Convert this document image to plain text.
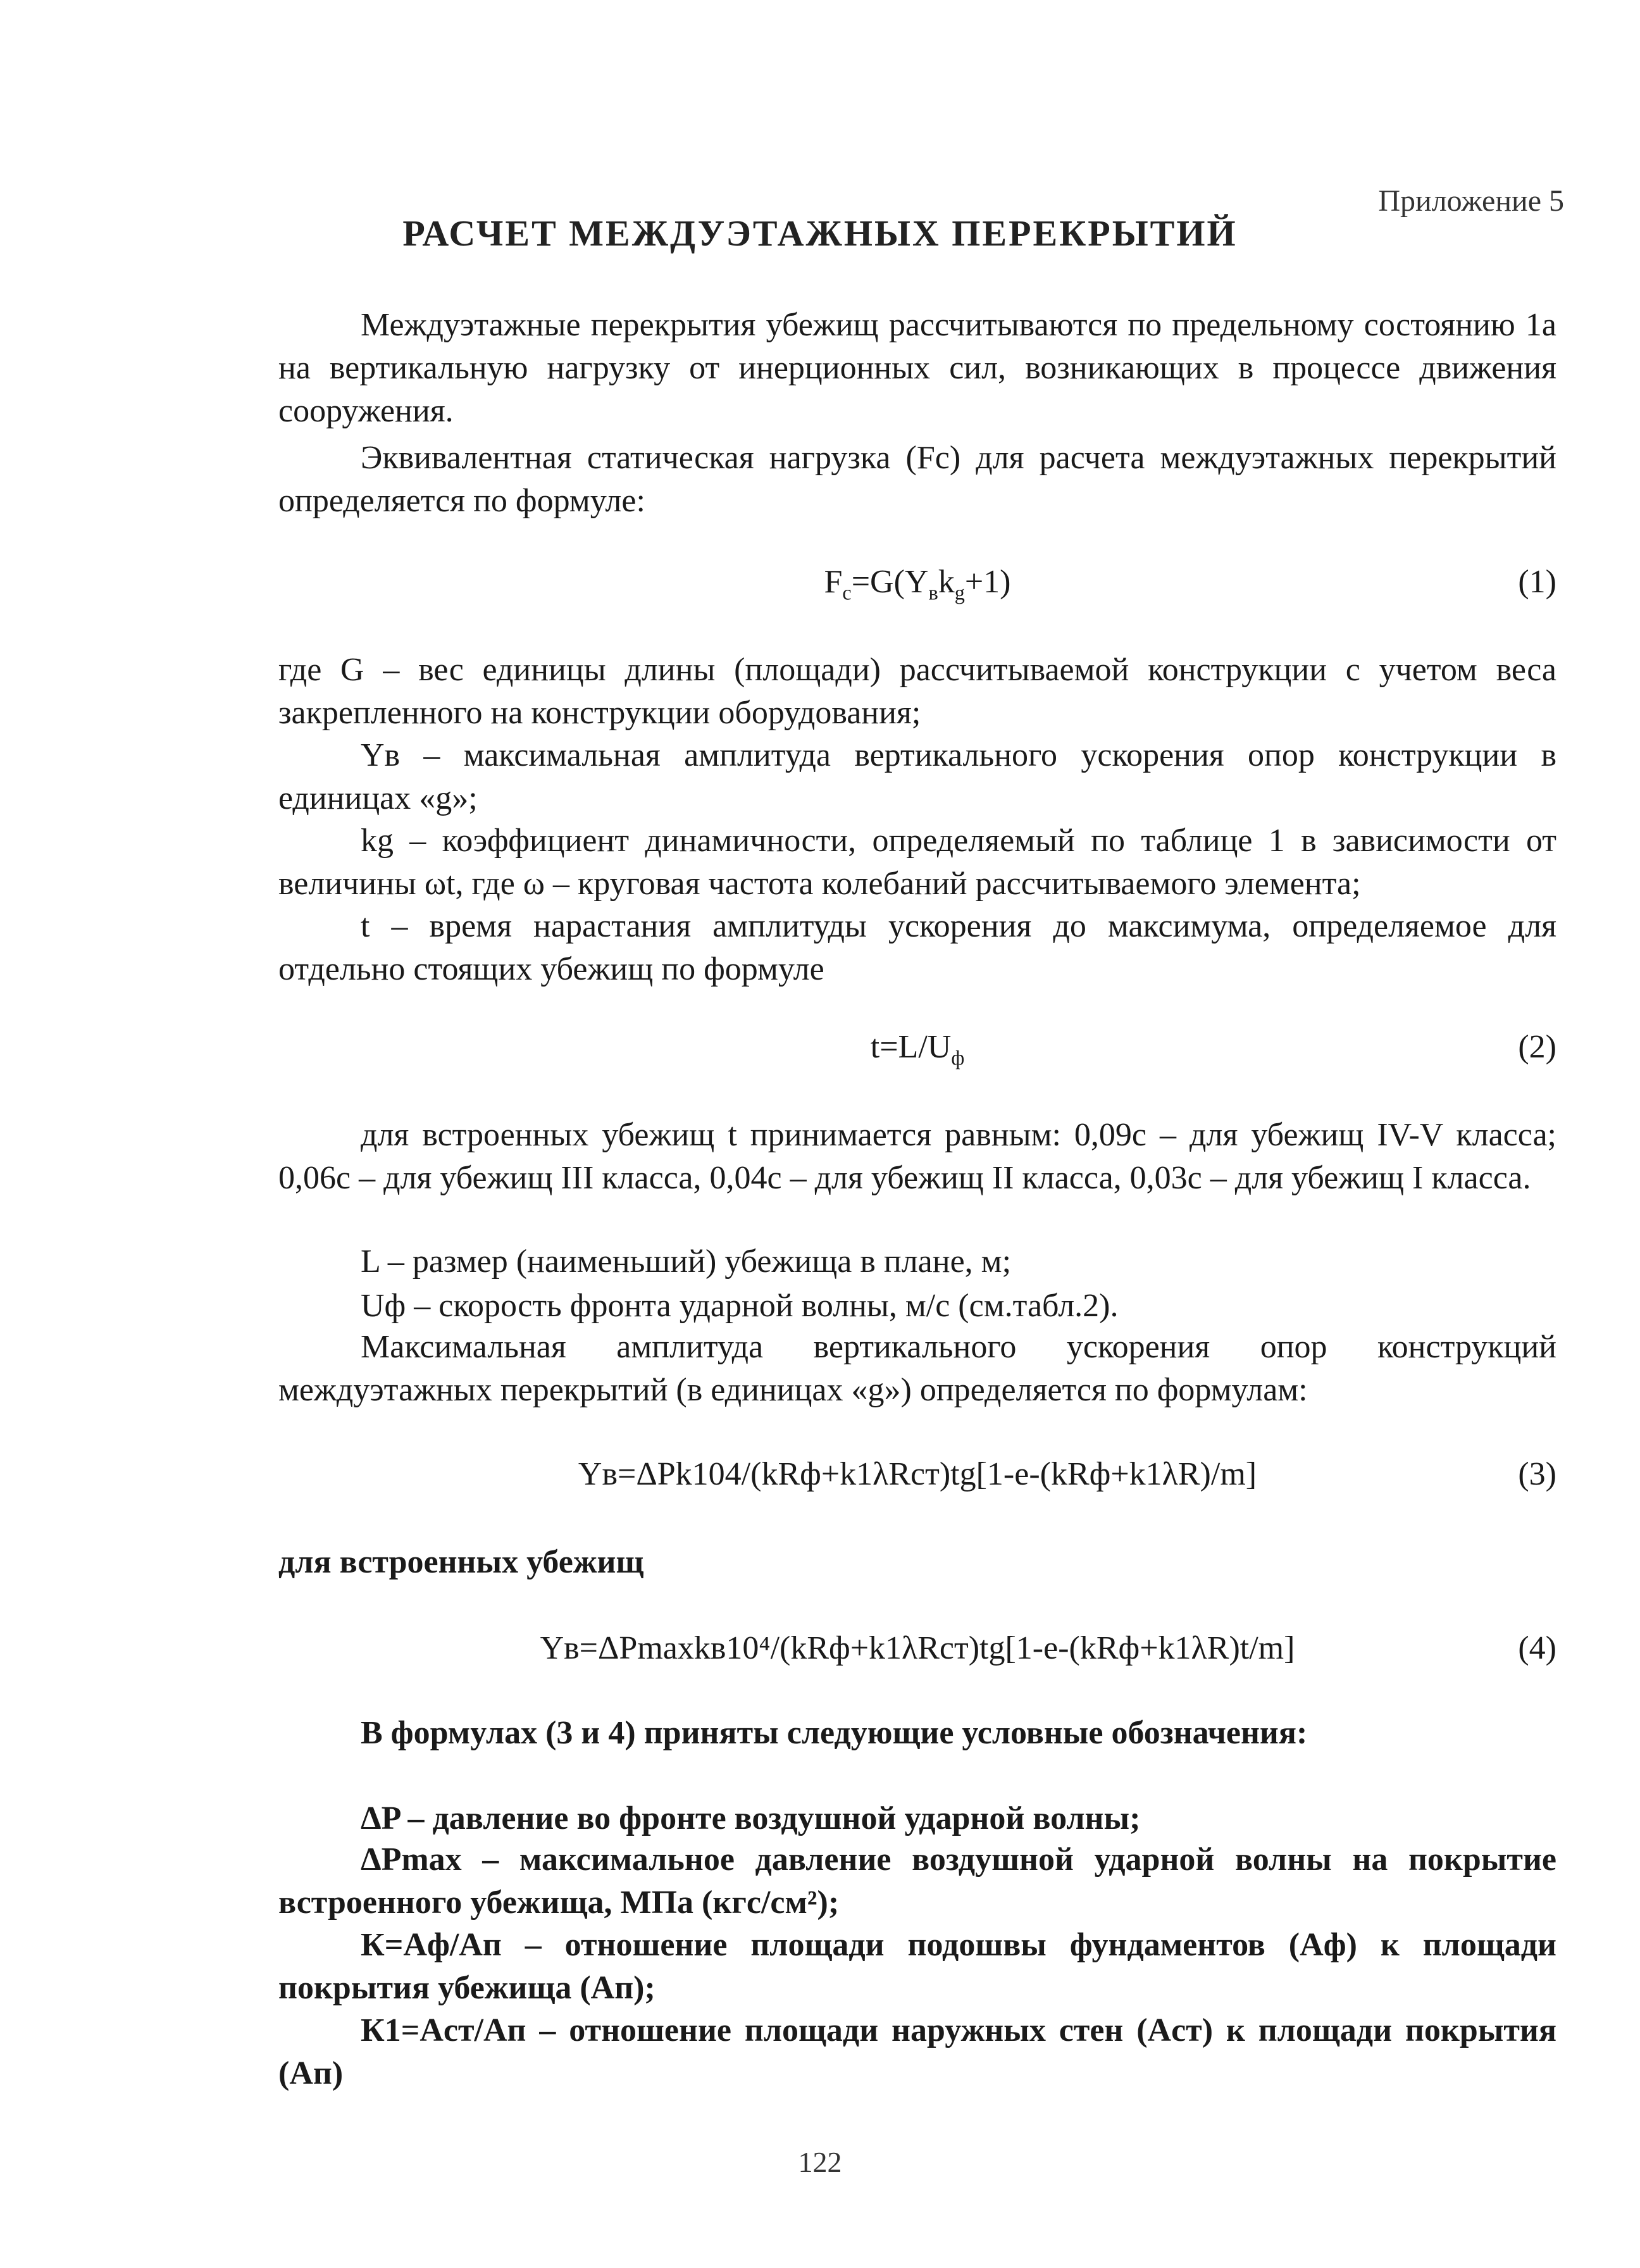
Приложение 5
РАСЧЕТ МЕЖДУЭТАЖНЫХ ПЕРЕКРЫТИЙ
Междуэтажные перекрытия убежищ рассчитываются по предельному состоянию 1а на вертикальную нагрузку от инерционных сил, возникающих в процессе движения сооружения.
Эквивалентная статическая нагрузка (Fc) для расчета междуэтажных перекрытий определяется по формуле:
$F_c=G(Y_вk_g+1)$	(1)
где G – вес единицы длины (площади) рассчитываемой конструкции с учетом веса закрепленного на конструкции оборудования;
Yв – максимальная амплитуда вертикального ускорения опор конструкции в единицах «g»;
kg – коэффициент динамичности, определяемый по таблице 1 в зависимости от величины ωt, где ω – круговая частота колебаний рассчитываемого элемента;
t – время нарастания амплитуды ускорения до максимума, определяемое для отдельно стоящих убежищ по формуле
$t=L/U_ф$	(2)
для встроенных убежищ t принимается равным: 0,09с – для убежищ IV-V класса; 0,06с – для убежищ III класса, 0,04с – для убежищ II класса, 0,03с – для убежищ I класса.
L – размер (наименьший) убежища в плане, м;
Uф – скорость фронта ударной волны, м/с (см.табл.2).
Максимальная амплитуда вертикального ускорения опор конструкций междуэтажных перекрытий (в единицах «g») определяется по формулам:
Yв=ΔPk104/(kRф+k1λRст)tg[1-e-(kRф+k1λR)/m]	(3)
для встроенных убежищ
Yв=ΔPmaxkв10⁴/(kRф+k1λRст)tg[1-e-(kRф+k1λR)t/m]	(4)
В формулах (3 и 4) приняты следующие условные обозначения:
ΔP – давление во фронте воздушной ударной волны;
ΔPmax – максимальное давление воздушной ударной волны на покрытие встроенного убежища, МПа (кгс/см²);
К=Aф/Aп – отношение площади подошвы фундаментов (Aф) к площади покрытия убежища (Aп);
К1=Aст/Aп – отношение площади наружных стен (Aст) к площади покрытия (Aп)
122
